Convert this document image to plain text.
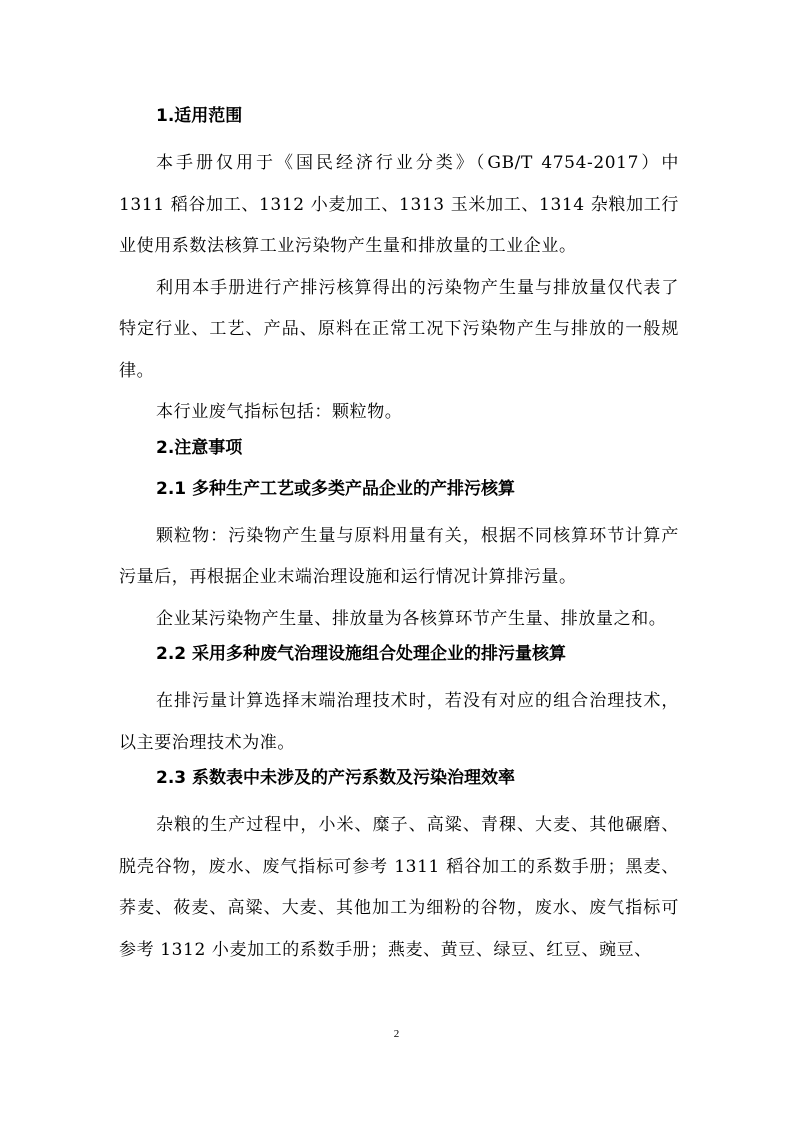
1.适用范围

本手册仅用于《国民经济行业分类》（GB/T 4754-2017）中 1311 稻谷加工、1312 小麦加工、1313 玉米加工、1314 杂粮加工行业使用系数法核算工业污染物产生量和排放量的工业企业。

利用本手册进行产排污核算得出的污染物产生量与排放量仅代表了特定行业、工艺、产品、原料在正常工况下污染物产生与排放的一般规律。

本行业废气指标包括：颗粒物。

2.注意事项
2.1 多种生产工艺或多类产品企业的产排污核算

颗粒物：污染物产生量与原料用量有关，根据不同核算环节计算产污量后，再根据企业末端治理设施和运行情况计算排污量。

企业某污染物产生量、排放量为各核算环节产生量、排放量之和。

2.2 采用多种废气治理设施组合处理企业的排污量核算

在排污量计算选择末端治理技术时，若没有对应的组合治理技术，以主要治理技术为准。

2.3 系数表中未涉及的产污系数及污染治理效率

杂粮的生产过程中，小米、糜子、高粱、青稞、大麦、其他碾磨、脱壳谷物，废水、废气指标可参考 1311 稻谷加工的系数手册；黑麦、荞麦、莜麦、高粱、大麦、其他加工为细粉的谷物，废水、废气指标可参考 1312 小麦加工的系数手册；燕麦、黄豆、绿豆、红豆、豌豆、

2
